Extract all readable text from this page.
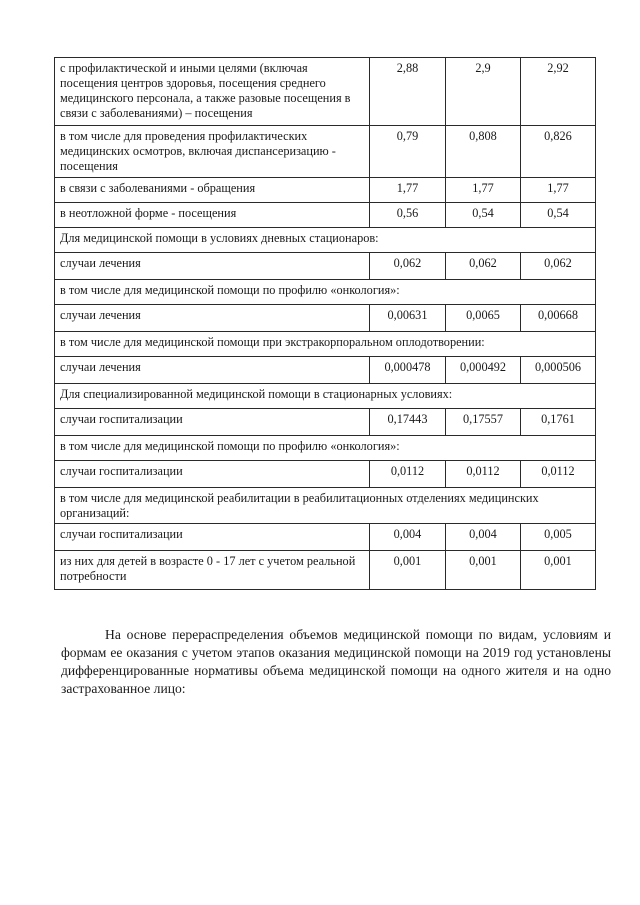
с профилактической и иными целями (включая посещения центров здоровья, посещения среднего медицинского персонала, а также разовые посещения в связи с заболеваниями) – посещения	2,88	2,9	2,92
в том числе для проведения профилактических медицинских осмотров, включая диспансеризацию - посещения	0,79	0,808	0,826
в связи с заболеваниями - обращения	1,77	1,77	1,77
в неотложной форме - посещения	0,56	0,54	0,54
Для медицинской помощи в условиях дневных стационаров:			
случаи лечения	0,062	0,062	0,062
в том числе для медицинской помощи по профилю «онкология»:			
случаи лечения	0,00631	0,0065	0,00668
в том числе для медицинской помощи при экстракорпоральном оплодотворении:			
случаи лечения	0,000478	0,000492	0,000506
Для специализированной медицинской помощи в стационарных условиях:			
случаи госпитализации	0,17443	0,17557	0,1761
в том числе для медицинской помощи по профилю «онкология»:			
случаи госпитализации	0,0112	0,0112	0,0112
в том числе для медицинской реабилитации в реабилитационных отделениях медицинских организаций:			
случаи госпитализации	0,004	0,004	0,005
из них для детей в возрасте 0 - 17 лет с учетом реальной потребности	0,001	0,001	0,001

На основе перераспределения объемов медицинской помощи по видам, условиям и формам ее оказания с учетом этапов оказания медицинской помощи на 2019 год установлены дифференцированные нормативы объема медицинской помощи на одного жителя и на одно застрахованное лицо:
